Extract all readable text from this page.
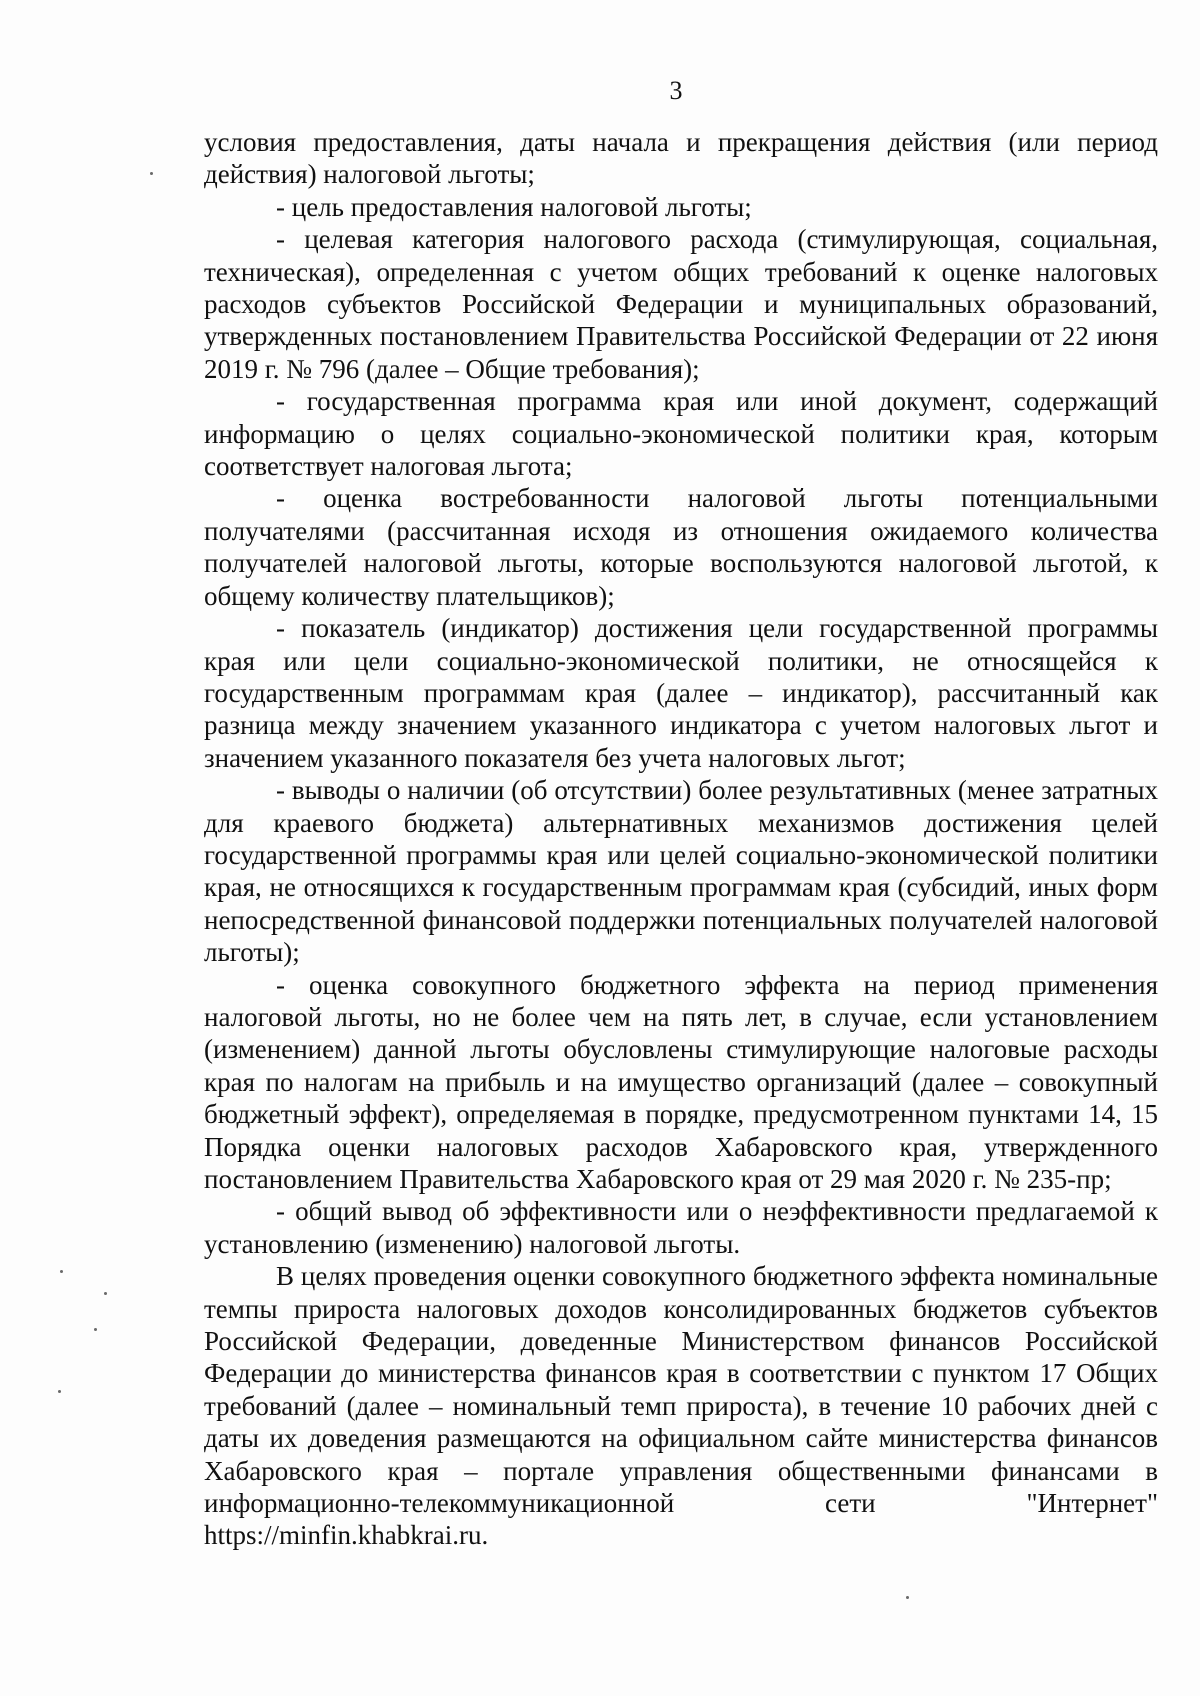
3

условия предоставления, даты начала и прекращения действия (или период действия) налоговой льготы;

- цель предоставления налоговой льготы;

- целевая категория налогового расхода (стимулирующая, социальная, техническая), определенная с учетом общих требований к оценке налоговых расходов субъектов Российской Федерации и муниципальных образований, утвержденных постановлением Правительства Российской Федерации от 22 июня 2019 г. № 796 (далее – Общие требования);

- государственная программа края или иной документ, содержащий информацию о целях социально-экономической политики края, которым соответствует налоговая льгота;

- оценка востребованности налоговой льготы потенциальными получателями (рассчитанная исходя из отношения ожидаемого количества получателей налоговой льготы, которые воспользуются налоговой льготой, к общему количеству плательщиков);

- показатель (индикатор) достижения цели государственной программы края или цели социально-экономической политики, не относящейся к государственным программам края (далее – индикатор), рассчитанный как разница между значением указанного индикатора с учетом налоговых льгот и значением указанного показателя без учета налоговых льгот;

- выводы о наличии (об отсутствии) более результативных (менее затратных для краевого бюджета) альтернативных механизмов достижения целей государственной программы края или целей социально-экономической политики края, не относящихся к государственным программам края (субсидий, иных форм непосредственной финансовой поддержки потенциальных получателей налоговой льготы);

- оценка совокупного бюджетного эффекта на период применения налоговой льготы, но не более чем на пять лет, в случае, если установлением (изменением) данной льготы обусловлены стимулирующие налоговые расходы края по налогам на прибыль и на имущество организаций (далее – совокупный бюджетный эффект), определяемая в порядке, предусмотренном пунктами 14, 15 Порядка оценки налоговых расходов Хабаровского края, утвержденного постановлением Правительства Хабаровского края от 29 мая 2020 г. № 235-пр;

- общий вывод об эффективности или о неэффективности предлагаемой к установлению (изменению) налоговой льготы.

В целях проведения оценки совокупного бюджетного эффекта номинальные темпы прироста налоговых доходов консолидированных бюджетов субъектов Российской Федерации, доведенные Министерством финансов Российской Федерации до министерства финансов края в соответствии с пунктом 17 Общих требований (далее – номинальный темп прироста), в течение 10 рабочих дней с даты их доведения размещаются на официальном сайте министерства финансов Хабаровского края – портале управления общественными финансами в информационно-телекоммуникационной сети "Интернет" https://minfin.khabkrai.ru.
